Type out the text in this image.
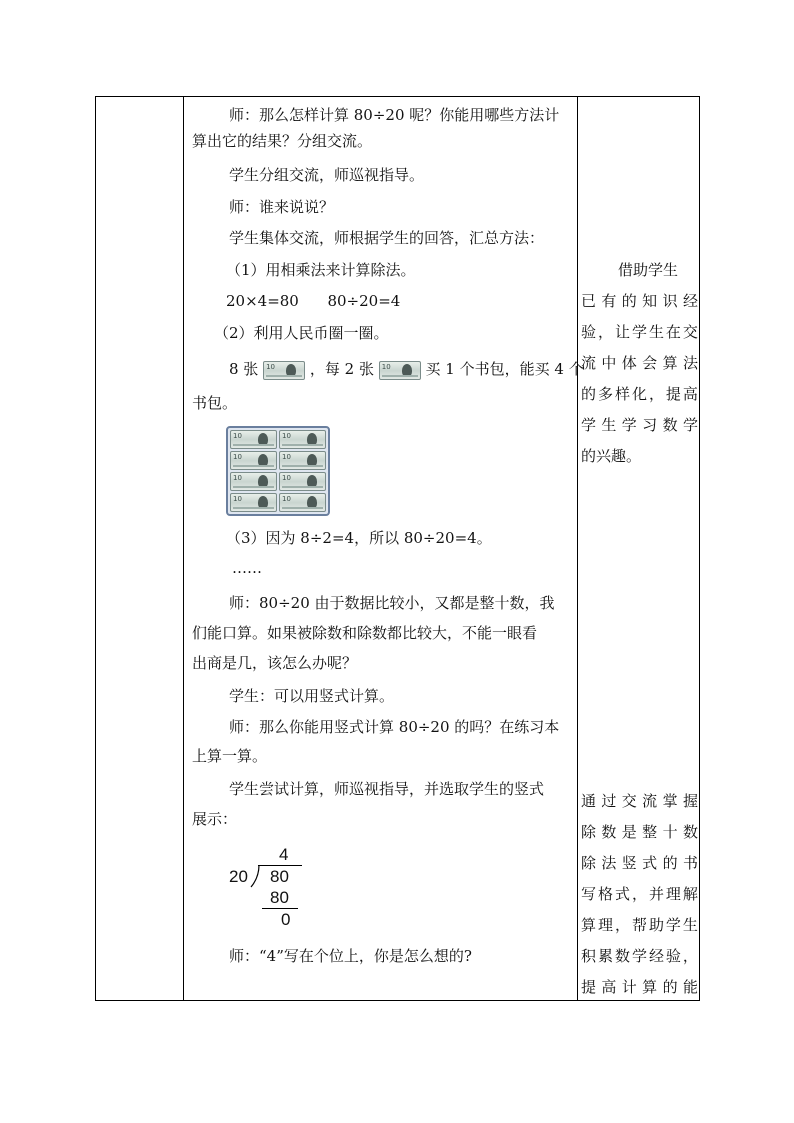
师：那么怎样计算 80÷20 呢？你能用哪些方法计
算出它的结果？分组交流。
学生分组交流，师巡视指导。
师：谁来说说？
学生集体交流，师根据学生的回答，汇总方法：
（1）用相乘法来计算除法。
20×4=80      80÷20=4
（2）利用人民币圈一圈。
8 张 10 ，每 2 张 10 买 1 个书包，能买 4 个
书包。
10	10
10	10
10	10
10	10
（3）因为 8÷2=4，所以 80÷20=4。
……
师：80÷20 由于数据比较小，又都是整十数，我
们能口算。如果被除数和除数都比较大，不能一眼看
出商是几，该怎么办呢？
学生：可以用竖式计算。
师：那么你能用竖式计算 80÷20 的吗？在练习本
上算一算。
学生尝试计算，师巡视指导，并选取学生的竖式
展示：
4
20 80
80
0
师：“4”写在个位上，你是怎么想的?
借助学生
已 有 的 知 识 经
验 ， 让 学 生 在 交
流 中 体 会 算 法
的 多 样 化 ， 提 高
学 生 学 习 数 学
的兴趣。
通 过 交 流 掌 握
除 数 是 整 十 数
除 法 竖 式 的 书
写 格 式 ， 并 理 解
算 理 ， 帮 助 学 生
积 累 数 学 经 验 ，
提 高 计 算 的 能
